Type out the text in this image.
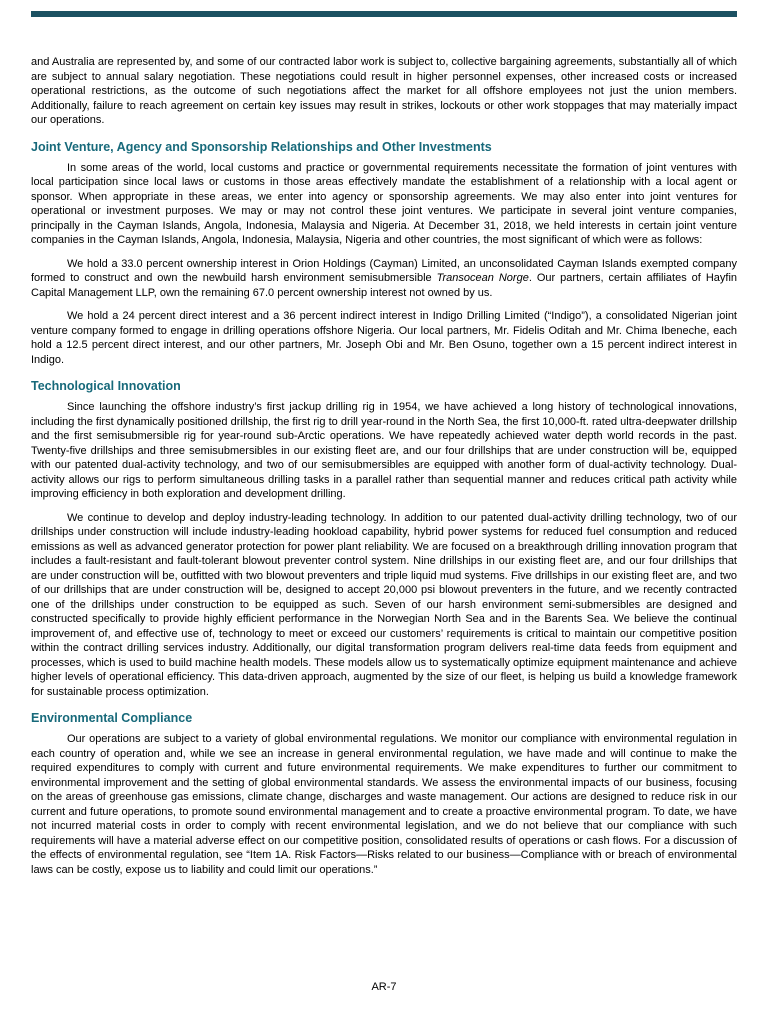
and Australia are represented by, and some of our contracted labor work is subject to, collective bargaining agreements, substantially all of which are subject to annual salary negotiation. These negotiations could result in higher personnel expenses, other increased costs or increased operational restrictions, as the outcome of such negotiations affect the market for all offshore employees not just the union members. Additionally, failure to reach agreement on certain key issues may result in strikes, lockouts or other work stoppages that may materially impact our operations.

Joint Venture, Agency and Sponsorship Relationships and Other Investments

In some areas of the world, local customs and practice or governmental requirements necessitate the formation of joint ventures with local participation since local laws or customs in those areas effectively mandate the establishment of a relationship with a local agent or sponsor. When appropriate in these areas, we enter into agency or sponsorship agreements. We may also enter into joint ventures for operational or investment purposes. We may or may not control these joint ventures. We participate in several joint venture companies, principally in the Cayman Islands, Angola, Indonesia, Malaysia and Nigeria. At December 31, 2018, we held interests in certain joint venture companies in the Cayman Islands, Angola, Indonesia, Malaysia, Nigeria and other countries, the most significant of which were as follows:

We hold a 33.0 percent ownership interest in Orion Holdings (Cayman) Limited, an unconsolidated Cayman Islands exempted company formed to construct and own the newbuild harsh environment semisubmersible Transocean Norge. Our partners, certain affiliates of Hayfin Capital Management LLP, own the remaining 67.0 percent ownership interest not owned by us.

We hold a 24 percent direct interest and a 36 percent indirect interest in Indigo Drilling Limited (“Indigo”), a consolidated Nigerian joint venture company formed to engage in drilling operations offshore Nigeria. Our local partners, Mr. Fidelis Oditah and Mr. Chima Ibeneche, each hold a 12.5 percent direct interest, and our other partners, Mr. Joseph Obi and Mr. Ben Osuno, together own a 15 percent indirect interest in Indigo.

Technological Innovation

Since launching the offshore industry’s first jackup drilling rig in 1954, we have achieved a long history of technological innovations, including the first dynamically positioned drillship, the first rig to drill year-round in the North Sea, the first 10,000-ft. rated ultra-deepwater drillship and the first semisubmersible rig for year-round sub-Arctic operations. We have repeatedly achieved water depth world records in the past. Twenty-five drillships and three semisubmersibles in our existing fleet are, and our four drillships that are under construction will be, equipped with our patented dual-activity technology, and two of our semisubmersibles are equipped with another form of dual-activity technology. Dual-activity allows our rigs to perform simultaneous drilling tasks in a parallel rather than sequential manner and reduces critical path activity while improving efficiency in both exploration and development drilling.

We continue to develop and deploy industry-leading technology. In addition to our patented dual-activity drilling technology, two of our drillships under construction will include industry-leading hookload capability, hybrid power systems for reduced fuel consumption and reduced emissions as well as advanced generator protection for power plant reliability. We are focused on a breakthrough drilling innovation program that includes a fault-resistant and fault-tolerant blowout preventer control system. Nine drillships in our existing fleet are, and our four drillships that are under construction will be, outfitted with two blowout preventers and triple liquid mud systems. Five drillships in our existing fleet are, and two of our drillships that are under construction will be, designed to accept 20,000 psi blowout preventers in the future, and we recently contracted one of the drillships under construction to be equipped as such. Seven of our harsh environment semi-submersibles are designed and constructed specifically to provide highly efficient performance in the Norwegian North Sea and in the Barents Sea. We believe the continual improvement of, and effective use of, technology to meet or exceed our customers’ requirements is critical to maintain our competitive position within the contract drilling services industry. Additionally, our digital transformation program delivers real-time data feeds from equipment and processes, which is used to build machine health models. These models allow us to systematically optimize equipment maintenance and achieve higher levels of operational efficiency. This data-driven approach, augmented by the size of our fleet, is helping us build a knowledge framework for sustainable process optimization.

Environmental Compliance

Our operations are subject to a variety of global environmental regulations. We monitor our compliance with environmental regulation in each country of operation and, while we see an increase in general environmental regulation, we have made and will continue to make the required expenditures to comply with current and future environmental requirements. We make expenditures to further our commitment to environmental improvement and the setting of global environmental standards. We assess the environmental impacts of our business, focusing on the areas of greenhouse gas emissions, climate change, discharges and waste management. Our actions are designed to reduce risk in our current and future operations, to promote sound environmental management and to create a proactive environmental program. To date, we have not incurred material costs in order to comply with recent environmental legislation, and we do not believe that our compliance with such requirements will have a material adverse effect on our competitive position, consolidated results of operations or cash flows. For a discussion of the effects of environmental regulation, see “Item 1A. Risk Factors—Risks related to our business—Compliance with or breach of environmental laws can be costly, expose us to liability and could limit our operations.”

AR-7
